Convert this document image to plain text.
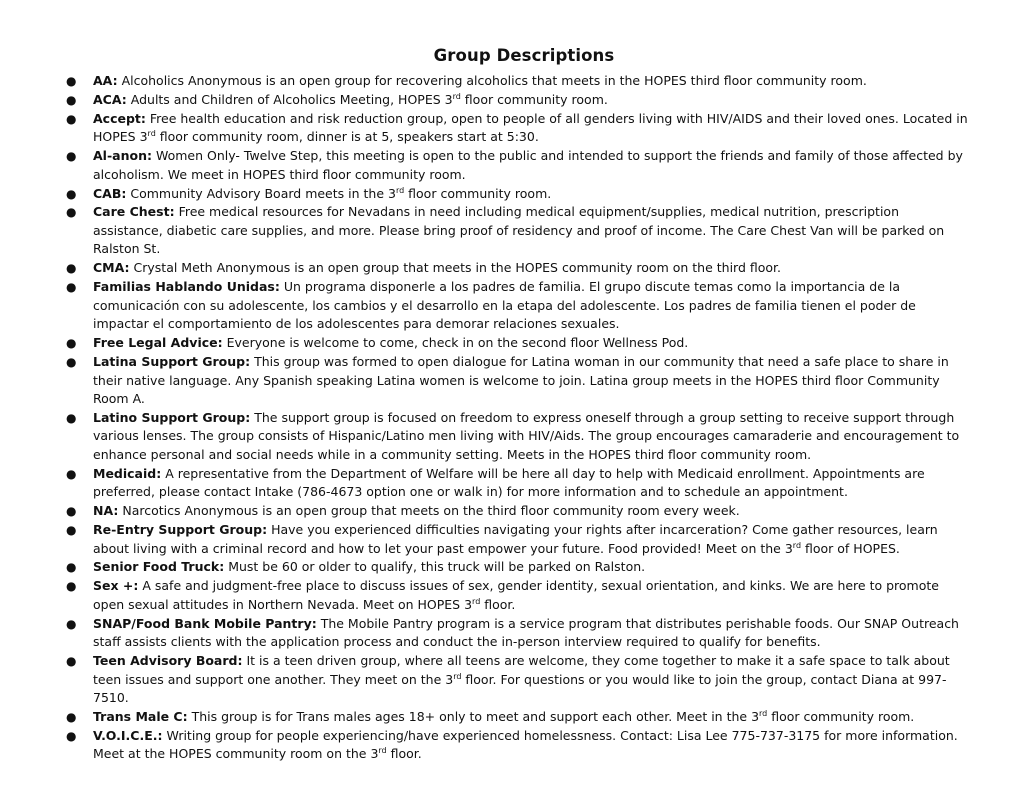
Group Descriptions
● AA: Alcoholics Anonymous is an open group for recovering alcoholics that meets in the HOPES third floor community room.
● ACA: Adults and Children of Alcoholics Meeting, HOPES 3rd floor community room.
● Accept: Free health education and risk reduction group, open to people of all genders living with HIV/AIDS and their loved ones. Located in HOPES 3rd floor community room, dinner is at 5, speakers start at 5:30.
● Al-anon: Women Only- Twelve Step, this meeting is open to the public and intended to support the friends and family of those affected by alcoholism. We meet in HOPES third floor community room.
● CAB: Community Advisory Board meets in the 3rd floor community room.
● Care Chest: Free medical resources for Nevadans in need including medical equipment/supplies, medical nutrition, prescription assistance, diabetic care supplies, and more. Please bring proof of residency and proof of income. The Care Chest Van will be parked on Ralston St.
● CMA: Crystal Meth Anonymous is an open group that meets in the HOPES community room on the third floor.
● Familias Hablando Unidas: Un programa disponerle a los padres de familia. El grupo discute temas como la importancia de la comunicación con su adolescente, los cambios y el desarrollo en la etapa del adolescente. Los padres de familia tienen el poder de impactar el comportamiento de los adolescentes para demorar relaciones sexuales.
● Free Legal Advice: Everyone is welcome to come, check in on the second floor Wellness Pod.
● Latina Support Group: This group was formed to open dialogue for Latina woman in our community that need a safe place to share in their native language. Any Spanish speaking Latina women is welcome to join. Latina group meets in the HOPES third floor Community Room A.
● Latino Support Group: The support group is focused on freedom to express oneself through a group setting to receive support through various lenses. The group consists of Hispanic/Latino men living with HIV/Aids. The group encourages camaraderie and encouragement to enhance personal and social needs while in a community setting. Meets in the HOPES third floor community room.
● Medicaid: A representative from the Department of Welfare will be here all day to help with Medicaid enrollment. Appointments are preferred, please contact Intake (786-4673 option one or walk in) for more information and to schedule an appointment.
● NA: Narcotics Anonymous is an open group that meets on the third floor community room every week.
● Re-Entry Support Group: Have you experienced difficulties navigating your rights after incarceration? Come gather resources, learn about living with a criminal record and how to let your past empower your future. Food provided! Meet on the 3rd floor of HOPES.
● Senior Food Truck: Must be 60 or older to qualify, this truck will be parked on Ralston.
● Sex +: A safe and judgment-free place to discuss issues of sex, gender identity, sexual orientation, and kinks. We are here to promote open sexual attitudes in Northern Nevada. Meet on HOPES 3rd floor.
● SNAP/Food Bank Mobile Pantry: The Mobile Pantry program is a service program that distributes perishable foods. Our SNAP Outreach staff assists clients with the application process and conduct the in-person interview required to qualify for benefits.
● Teen Advisory Board: It is a teen driven group, where all teens are welcome, they come together to make it a safe space to talk about teen issues and support one another. They meet on the 3rd floor. For questions or you would like to join the group, contact Diana at 997-7510.
● Trans Male C: This group is for Trans males ages 18+ only to meet and support each other. Meet in the 3rd floor community room.
● V.O.I.C.E.: Writing group for people experiencing/have experienced homelessness. Contact: Lisa Lee 775-737-3175 for more information. Meet at the HOPES community room on the 3rd floor.
